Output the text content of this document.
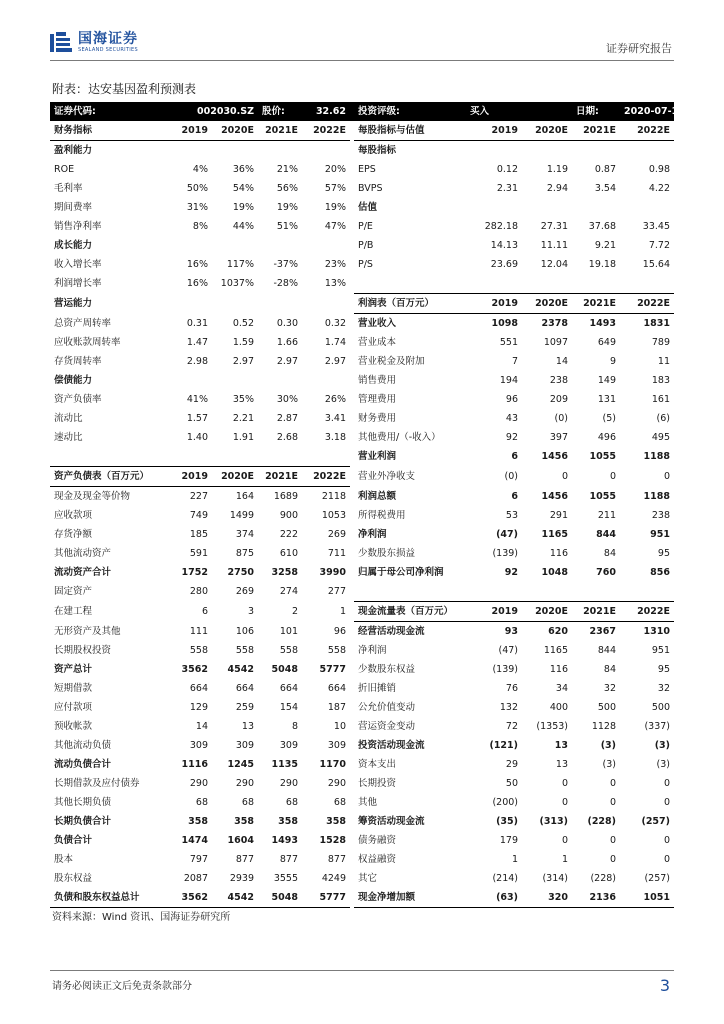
国海证券
SEALAND SECURITIES	证券研究报告
附表：达安基因盈利预测表
证券代码:	002030.SZ		股价:	32.62		投资评级:	买入		日期:	2020-07-15
财务指标	2019	2020E	2021E	2022E		每股指标与估值	2019	2020E	2021E	2022E
盈利能力						每股指标				
ROE	4%	36%	21%	20%		EPS	0.12	1.19	0.87	0.98
毛利率	50%	54%	56%	57%		BVPS	2.31	2.94	3.54	4.22
期间费率	31%	19%	19%	19%		估值				
销售净利率	8%	44%	51%	47%		P/E	282.18	27.31	37.68	33.45
成长能力						P/B	14.13	11.11	9.21	7.72
收入增长率	16%	117%	-37%	23%		P/S	23.69	12.04	19.18	15.64
利润增长率	16%	1037%	-28%	13%						
营运能力						利润表（百万元）	2019	2020E	2021E	2022E
总资产周转率	0.31	0.52	0.30	0.32		营业收入	1098	2378	1493	1831
应收账款周转率	1.47	1.59	1.66	1.74		营业成本	551	1097	649	789
存货周转率	2.98	2.97	2.97	2.97		营业税金及附加	7	14	9	11
偿债能力						销售费用	194	238	149	183
资产负债率	41%	35%	30%	26%		管理费用	96	209	131	161
流动比	1.57	2.21	2.87	3.41		财务费用	43	(0)	(5)	(6)
速动比	1.40	1.91	2.68	3.18		其他费用/（-收入）	92	397	496	495
						营业利润	6	1456	1055	1188
资产负债表（百万元）	2019	2020E	2021E	2022E		营业外净收支	(0)	0	0	0
现金及现金等价物	227	164	1689	2118		利润总额	6	1456	1055	1188
应收款项	749	1499	900	1053		所得税费用	53	291	211	238
存货净额	185	374	222	269		净利润	(47)	1165	844	951
其他流动资产	591	875	610	711		少数股东损益	(139)	116	84	95
流动资产合计	1752	2750	3258	3990		归属于母公司净利润	92	1048	760	856
固定资产	280	269	274	277						
在建工程	6	3	2	1		现金流量表（百万元）	2019	2020E	2021E	2022E
无形资产及其他	111	106	101	96		经营活动现金流	93	620	2367	1310
长期股权投资	558	558	558	558		净利润	(47)	1165	844	951
资产总计	3562	4542	5048	5777		少数股东权益	(139)	116	84	95
短期借款	664	664	664	664		折旧摊销	76	34	32	32
应付款项	129	259	154	187		公允价值变动	132	400	500	500
预收帐款	14	13	8	10		营运资金变动	72	(1353)	1128	(337)
其他流动负债	309	309	309	309		投资活动现金流	(121)	13	(3)	(3)
流动负债合计	1116	1245	1135	1170		资本支出	29	13	(3)	(3)
长期借款及应付债券	290	290	290	290		长期投资	50	0	0	0
其他长期负债	68	68	68	68		其他	(200)	0	0	0
长期负债合计	358	358	358	358		筹资活动现金流	(35)	(313)	(228)	(257)
负债合计	1474	1604	1493	1528		债务融资	179	0	0	0
股本	797	877	877	877		权益融资	1	1	0	0
股东权益	2087	2939	3555	4249		其它	(214)	(314)	(228)	(257)
负债和股东权益总计	3562	4542	5048	5777		现金净增加额	(63)	320	2136	1051
资料来源：Wind 资讯、国海证券研究所
请务必阅读正文后免责条款部分	3
